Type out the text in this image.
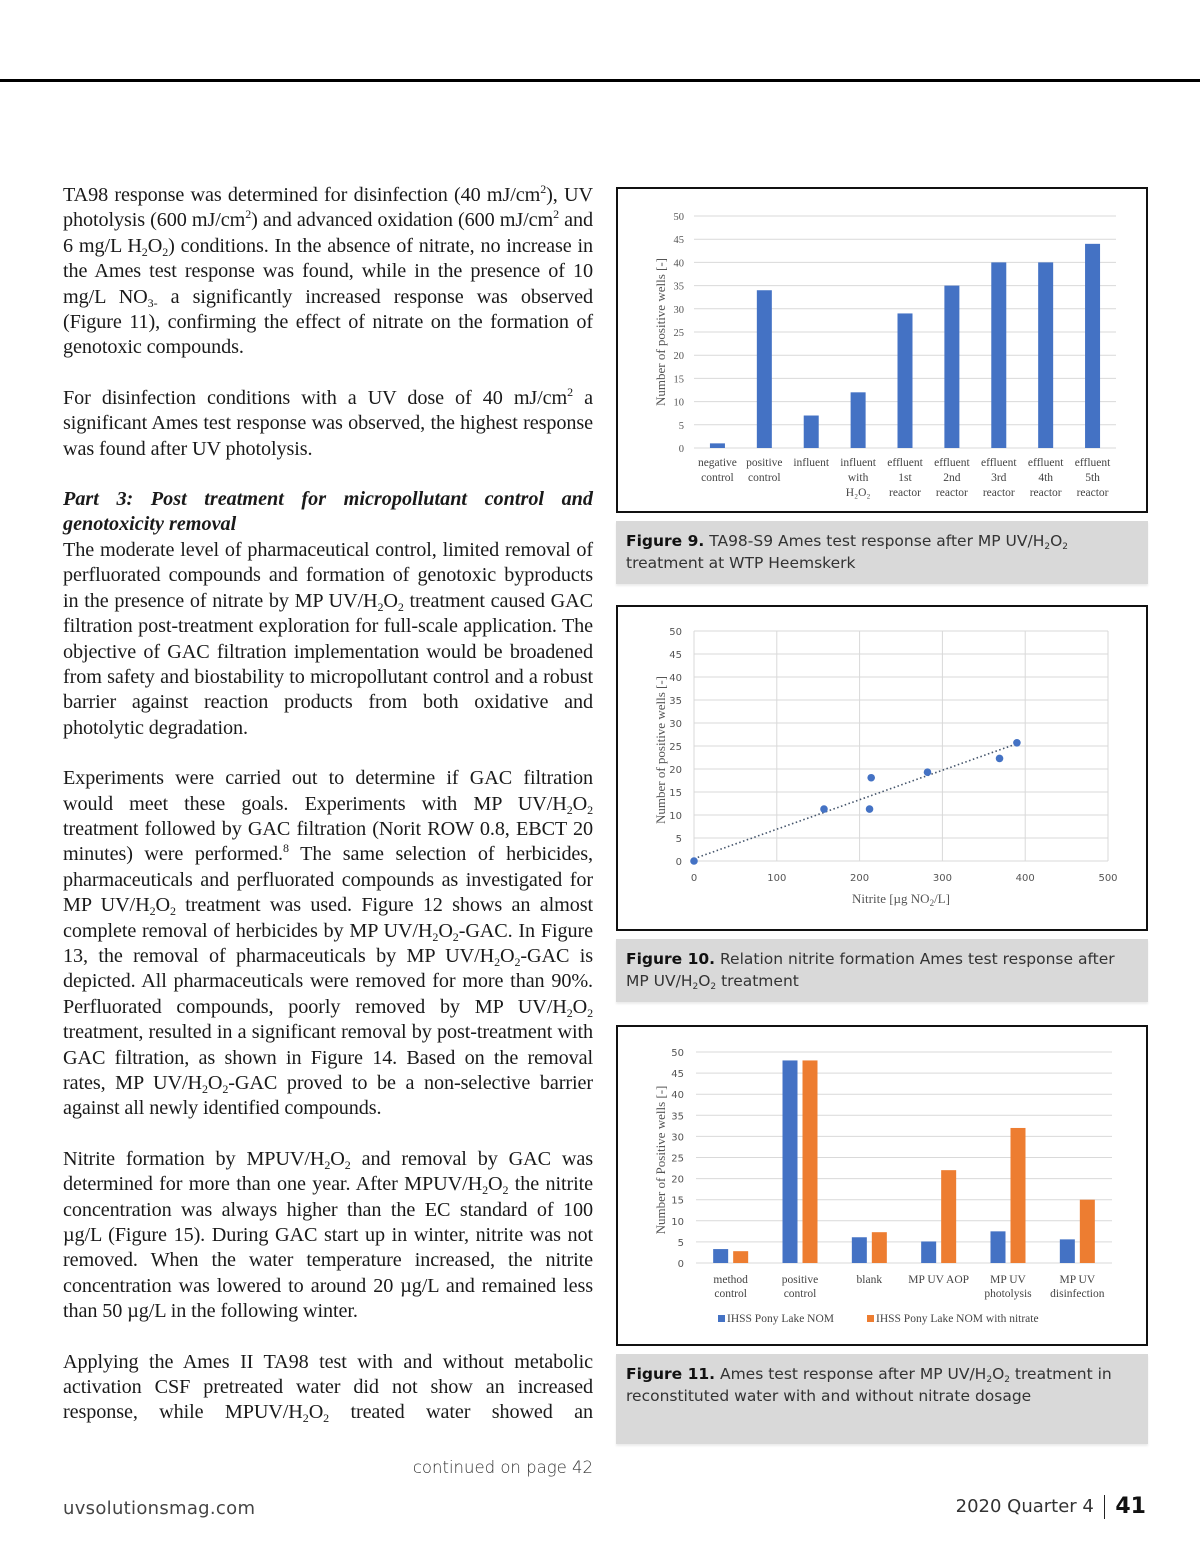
TA98 response was determined for disinfection (40 $mJ/cm^2$), UV photolysis (600 $mJ/cm^2$) and advanced oxidation (600 $mJ/cm^2$ and 6 mg/L $H_2O_2$) conditions. In the absence of nitrate, no increase in the Ames test response was found, while in the presence of 10 mg/L $NO_{3-}$ a significantly increased response was observed (Figure 11), confirming the effect of nitrate on the formation of genotoxic compounds.

For disinfection conditions with a UV dose of 40 $mJ/cm^2$ a significant Ames test response was observed, the highest response was found after UV photolysis.

Part 3: Post treatment for micropollutant control and genotoxicity removal

The moderate level of pharmaceutical control, limited removal of perfluorated compounds and formation of genotoxic byproducts in the presence of nitrate by MP $UV/H_2O_2$ treatment caused GAC filtration post-treatment exploration for full-scale application. The objective of GAC filtration implementation would be broadened from safety and biostability to micropollutant control and a robust barrier against reaction products from both oxidative and photolytic degradation.

Experiments were carried out to determine if GAC filtration would meet these goals. Experiments with MP $UV/H_2O_2$ treatment followed by GAC filtration (Norit ROW 0.8, EBCT 20 minutes) were performed.$^8$ The same selection of herbicides, pharmaceuticals and perfluorated compounds as investigated for MP $UV/H_2O_2$ treatment was used. Figure 12 shows an almost complete removal of herbicides by MP $UV/H_2O_2$-GAC. In Figure 13, the removal of pharmaceuticals by MP $UV/H_2O_2$-GAC is depicted. All pharmaceuticals were removed for more than 90%. Perfluorated compounds, poorly removed by MP $UV/H_2O_2$ treatment, resulted in a significant removal by post-treatment with GAC filtration, as shown in Figure 14. Based on the removal rates, MP $UV/H_2O_2$-GAC proved to be a non-selective barrier against all newly identified compounds.

Nitrite formation by MPUV/$H_2O_2$ and removal by GAC was determined for more than one year. After MPUV/$H_2O_2$ the nitrite concentration was always higher than the EC standard of 100 µg/L (Figure 15). During GAC start up in winter, nitrite was not removed. When the water temperature increased, the nitrite concentration was lowered to around 20 µg/L and remained less than 50 µg/L in the following winter.

Applying the Ames II TA98 test with and without metabolic activation CSF pretreated water did not show an increased response, while MPUV/$H_2O_2$ treated water showed an

continued on page 42
uvsolutionsmag.com	2020 Quarter 4 41
0
5
10
15
20
25
30
35
40
45
50
negative
control
positive
control
influent influent
with
H₂O₂
effluent
1st
reactor
effluent
2nd
reactor
effluent
3rd
reactor
effluent
4th
reactor
effluent
5th
reactor
Number of positive wells [-]
Figure 9. TA98-S9 Ames test response after MP $UV/H_2O_2$ treatment at WTP Heemskerk
0
5
10
15
20
25
30
35
40
45
50
0	100	200	300	400	500
Nitrite [µg $NO_2/L$]
Number of positive wells [-]
Figure 10. Relation nitrite formation Ames test response after MP $UV/H_2O_2$ treatment
0
5
10
15
20
25
30
35
40
45
50
method
control
positive
control
blank MP UV AOP MP UV
photolysis
MP UV
disinfection
IHSS Pony Lake NOM	IHSS Pony Lake NOM with nitrate
Number of Positive wells [-]
Figure 11. Ames test response after MP $UV/H_2O_2$ treatment in reconstituted water with and without nitrate dosage
